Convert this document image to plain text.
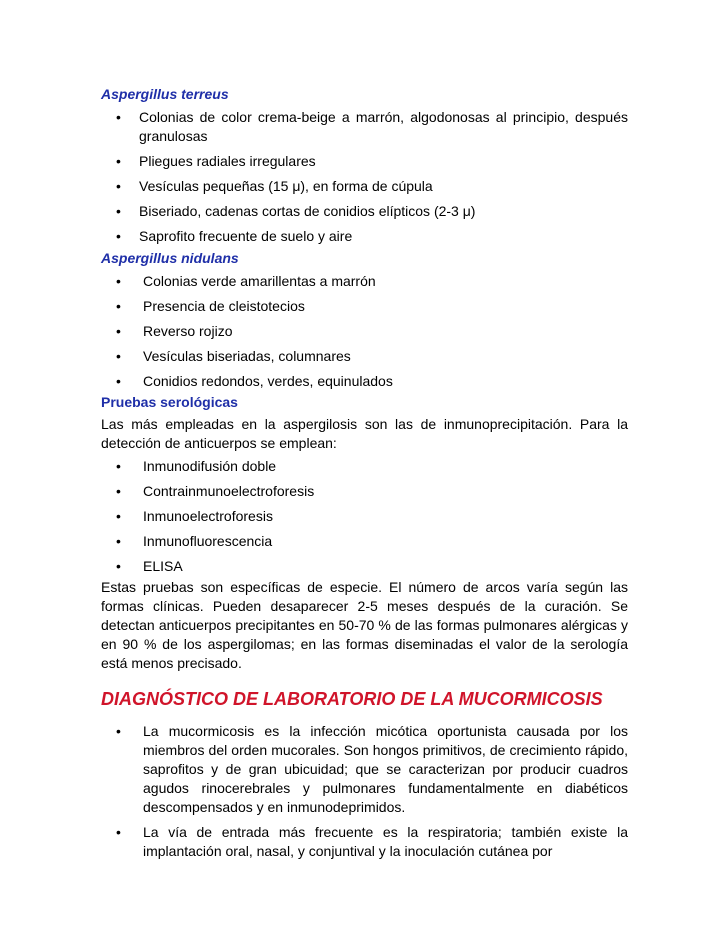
Aspergillus terreus
• Colonias de color crema-beige a marrón, algodonosas al principio, después granulosas
• Pliegues radiales irregulares
• Vesículas pequeñas (15 μ), en forma de cúpula
• Biseriado, cadenas cortas de conidios elípticos (2-3 μ)
• Saprofito frecuente de suelo y aire
Aspergillus nidulans
• Colonias verde amarillentas a marrón
• Presencia de cleistotecios
• Reverso rojizo
• Vesículas biseriadas, columnares
• Conidios redondos, verdes, equinulados
Pruebas serológicas

Las más empleadas en la aspergilosis son las de inmunoprecipitación. Para la detección de anticuerpos se emplean:

• Inmunodifusión doble
• Contrainmunoelectroforesis
• Inmunoelectroforesis
• Inmunofluorescencia
• ELISA

Estas pruebas son específicas de especie. El número de arcos varía según las formas clínicas. Pueden desaparecer 2-5 meses después de la curación. Se detectan anticuerpos precipitantes en 50-70 % de las formas pulmonares alérgicas y en 90 % de los aspergilomas; en las formas diseminadas el valor de la serología está menos precisado.

DIAGNÓSTICO DE LABORATORIO DE LA MUCORMICOSIS
• La mucormicosis es la infección micótica oportunista causada por los miembros del orden mucorales. Son hongos primitivos, de crecimiento rápido, saprofitos y de gran ubicuidad; que se caracterizan por producir cuadros agudos rinocerebrales y pulmonares fundamentalmente en diabéticos descompensados y en inmunodeprimidos.
• La vía de entrada más frecuente es la respiratoria; también existe la implantación oral, nasal, y conjuntival y la inoculación cutánea por
